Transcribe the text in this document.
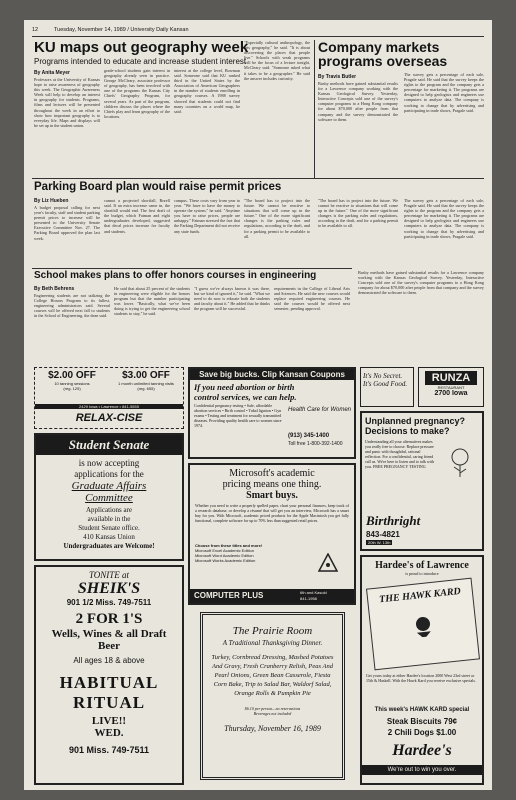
12	Tuesday, November 14, 1989 / University Daily Kansan
KU maps out geography week
Programs intended to educate and increase student interest
By Anita Meyer
Professors at the University of Kansas hope to raise awareness of geography this week. The Geographic Awareness Week will help to develop an interest in geography for students. Programs, films and lectures will be presented throughout the week in an effort to show how important geography is to everyday life. Maps and displays will be set up in the student union.
grade-school students gain interest in geography already seen in practice. George McCleary, associate professor of geography, has been involved with one of the programs the Kansas City Chiefs' Geography Program, for several years. As part of the program, children discuss the places where the Chiefs play and learn geography of the locations.
interest at the college level, Bowman said. Someone said that KU ranked third in the United States by the Association of American Geographers in the number of students enrolling in geography courses. A 1988 survey showed that students could not find many countries on a world map, he said.
"Especially cultural anthropology, the arts geography," he said. "It is about discovering the places that people live." Schools with weak programs will be the focus of a lecture tonight, McCleary said. "Someone asked what it takes to be a geographer." He said the answer includes curiosity.
Company markets programs overseas
By Travis Butler
Busby methods have gained substantial results for a Lawrence company working with the Kansas Geological Survey. Yesterday, Interactive Concepts sold one of the survey's computer programs to a Hong Kong company for about $70,000 after people from that company and the survey demonstrated the software to them.
The survey gets a percentage of each sale, Pragale said. He said that the survey keeps the rights to the program and the company gets a percentage for marketing it. The programs are designed to help geologists and engineers use computers to analyze data. The company is working to change that by advertising and participating in trade shows, Pragale said.
Parking Board plan would raise permit prices
By Liz Hueben
A budget proposal calling for next year's faculty, staff and student parking permit prices to increase will be presented to the University Senate Executive Committee Nov. 27. The Parking Board approved the plan last week.
cannot a projected shortfall, Borell said. If an extra increase came in, the shortfall would end. The first draft of the budget, which Fatman and eight undergraduates developed, suggested that decal prices increase for faculty and students.
campus. These costs vary from year to year. "We have to have the money to operate the system," he said. "Anytime you have to raise prices, people are unhappy." Fatman stressed the fact that the Parking Department did not receive any state funds.
"The board has to project into the future. We cannot be reactive to situations that will come up in the future." One of the more significant changes is the parking rules and regulations, according to the draft, and for a parking permit to be available to all.
"The board has to project into the future. We cannot be reactive to situations that will come up in the future." One of the more significant changes is the parking rules and regulations, according to the draft, and for a parking permit to be available to all.
The survey gets a percentage of each sale, Pragale said. He said that the survey keeps the rights to the program and the company gets a percentage for marketing it. The programs are designed to help geologists and engineers use computers to analyze data. The company is working to change that by advertising and participating in trade shows, Pragale said.
School makes plans to offer honors courses in engineering
By Beth Behrens
Engineering students are not utilizing the College Honors Program to its fullest, engineering administrators said. Several courses will be offered next fall to students in the School of Engineering, the dean said.
He said that about 25 percent of the students in engineering were eligible for the honors program but that the number participating was lower. "Basically, what we've been doing is trying to get the engineering school students to stay," he said.
"I guess we've always known it was there, but we kind of ignored it," he said. "What we need to do now is educate both the students and faculty about it." He added that he thinks the program will be successful.
requirements in the College of Liberal Arts and Sciences. He said the new courses would replace required engineering courses. He said the courses would be offered next semester, pending approval.
Busby methods have gained substantial results for a Lawrence company working with the Kansas Geological Survey. Yesterday, Interactive Concepts sold one of the survey's computer programs to a Hong Kong company for about $70,000 after people from that company and the survey demonstrated the software to them.
$2.00 OFF
10 tanning sessions
(reg. 125)
$3.00 OFF
1 month unlimited tanning visits
(reg. 655)
2429 Iowa • Lawrence • 841-5555
RELAX-CISE
Student Senate
is now accepting
applications for the
Graduate Affairs
Committee
Applications are
available in the
Student Senate office.
410 Kansas Union
Undergraduates are Welcome!
TONITE at
SHEIK'S
901 1/2 Miss. 749-7511
2 FOR 1'S
Wells, Wines & all Draft Beer
All ages 18 & above
HABITUAL
RITUAL
LIVE!!
WED.
901 Miss. 749-7511
Save big bucks. Clip Kansan Coupons
If you need abortion or birth
control services, we can help.
Confidential pregnancy testing • Safe, affordable abortion services • Birth control • Tubal ligation • Gyn exams • Testing and treatment for sexually transmitted diseases. Providing quality health care to women since 1974.
Health Care for Women
(913) 345-1400
Toll free 1-800-392-1400
Microsoft's academic
pricing means one thing.
Smart buys.
Whether you need to write a properly spelled paper, chart your personal finances, keep track of a research database, or develop a résumé that will get you an interview, Microsoft has a smart buy for you. With Microsoft, academic priced products for the Apple Macintosh you get fully functional, complete software for up to 70% less than suggested retail prices.
Choose from these titles and more!
Microsoft Excel Academic Edition
Microsoft Word Academic Edition
Microsoft Works Academic Edition
COMPUTER PLUS	6th and Kasold
841-1958
The Prairie Room
A Traditional Thanksgiving Dinner.
Turkey, Cornbread Dressing, Mashed Potatoes And Gravy, Fresh Cranberry Relish, Peas And Pearl Onions, Green Bean Casserole, Fiesta Corn Bake, Trip to Salad Bar, Waldorf Salad, Orange Rolls & Pumpkin Pie
$6.10 per person—no reservations
Beverages not included
Thursday, November 16, 1989
It's No Secret.
It's Good Food.	RUNZA
RESTAURANT
2700 Iowa
Unplanned pregnancy?
Decisions to make?
Understanding all your alternatives makes you really free to choose. Replace pressure and panic with thoughtful, rational reflection. For a confidential, caring friend call us. We're here to listen and to talk with you. FREE PREGNANCY TESTING
Birthright
843-4821
20th W. 13th
Hardee's of Lawrence
is proud to introduce
THE HAWK KARD
Get yours today at either Hardee's location 2000 West 23rd street or 15th & Haskell. With the Hawk Kard you receive exclusive specials.
This week's HAWK KARD special
Steak Biscuits 79¢
2 Chili Dogs $1.00
Hardee's
We're out to win you over.
